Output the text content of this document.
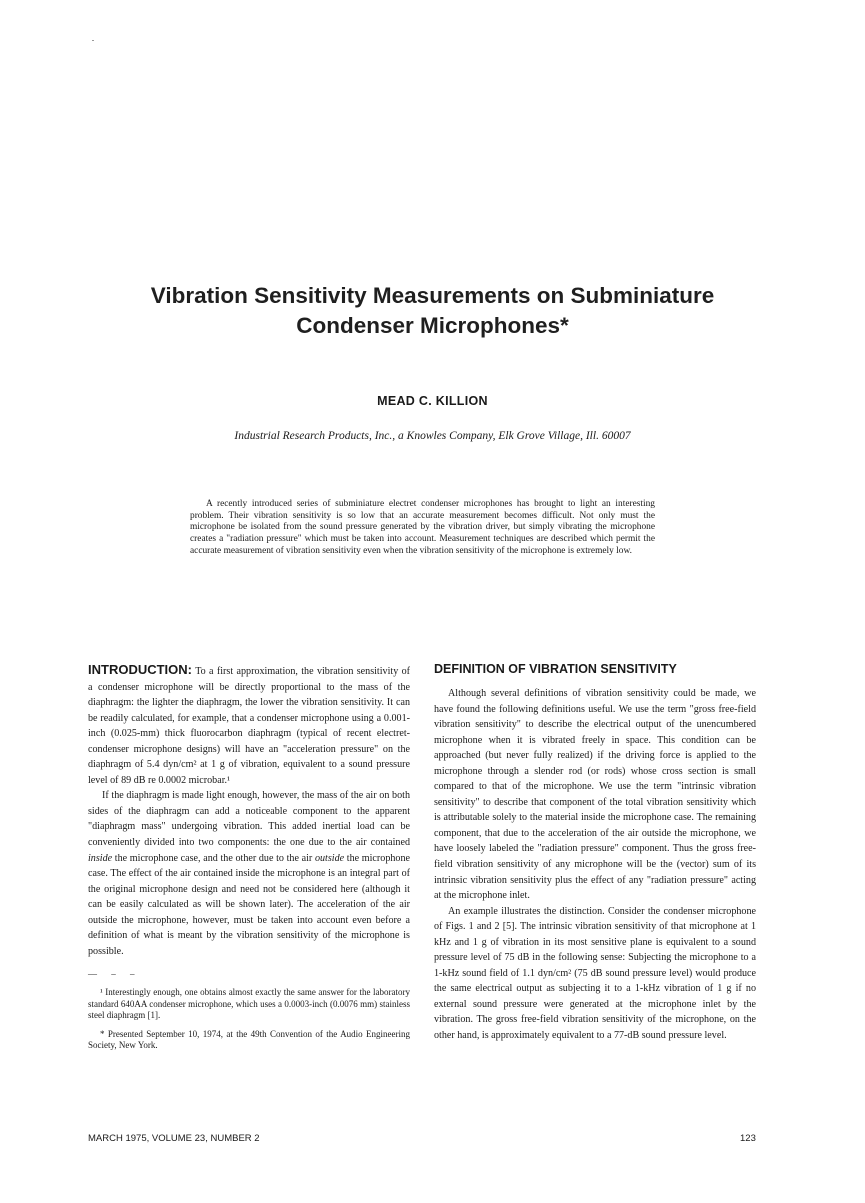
Vibration Sensitivity Measurements on Subminiature
Condenser Microphones*
MEAD C. KILLION
Industrial Research Products, Inc., a Knowles Company, Elk Grove Village, Ill. 60007

A recently introduced series of subminiature electret condenser microphones has brought to light an interesting problem. Their vibration sensitivity is so low that an accurate measurement becomes difficult. Not only must the microphone be isolated from the sound pressure generated by the vibration driver, but simply vibrating the microphone creates a "radiation pressure" which must be taken into account. Measurement techniques are described which permit the accurate measurement of vibration sensitivity even when the vibration sensitivity of the microphone is extremely low.

INTRODUCTION: To a first approximation, the vibration sensitivity of a condenser microphone will be directly proportional to the mass of the diaphragm: the lighter the diaphragm, the lower the vibration sensitivity. It can be readily calculated, for example, that a condenser microphone using a 0.001-inch (0.025-mm) thick fluorocarbon diaphragm (typical of recent electret-condenser microphone designs) will have an "acceleration pressure" on the diaphragm of 5.4 dyn/cm² at 1 g of vibration, equivalent to a sound pressure level of 89 dB re 0.0002 microbar.¹

If the diaphragm is made light enough, however, the mass of the air on both sides of the diaphragm can add a noticeable component to the apparent "diaphragm mass" undergoing vibration. This added inertial load can be conveniently divided into two components: the one due to the air contained inside the microphone case, and the other due to the air outside the microphone case. The effect of the air contained inside the microphone is an integral part of the original microphone design and need not be considered here (although it can be easily calculated as will be shown later). The acceleration of the air outside the microphone, however, must be taken into account even before a definition of what is meant by the vibration sensitivity of the microphone is possible.

— – –

¹ Interestingly enough, one obtains almost exactly the same answer for the laboratory standard 640AA condenser microphone, which uses a 0.0003-inch (0.0076 mm) stainless steel diaphragm [1].

* Presented September 10, 1974, at the 49th Convention of the Audio Engineering Society, New York.

DEFINITION OF VIBRATION SENSITIVITY

Although several definitions of vibration sensitivity could be made, we have found the following definitions useful. We use the term "gross free-field vibration sensitivity" to describe the electrical output of the unencumbered microphone when it is vibrated freely in space. This condition can be approached (but never fully realized) if the driving force is applied to the microphone through a slender rod (or rods) whose cross section is small compared to that of the microphone. We use the term "intrinsic vibration sensitivity" to describe that component of the total vibration sensitivity which is attributable solely to the material inside the microphone case. The remaining component, that due to the acceleration of the air outside the microphone, we have loosely labeled the "radiation pressure" component. Thus the gross free-field vibration sensitivity of any microphone will be the (vector) sum of its intrinsic vibration sensitivity plus the effect of any "radiation pressure" acting at the microphone inlet.

An example illustrates the distinction. Consider the condenser microphone of Figs. 1 and 2 [5]. The intrinsic vibration sensitivity of that microphone at 1 kHz and 1 g of vibration in its most sensitive plane is equivalent to a sound pressure level of 75 dB in the following sense: Subjecting the microphone to a 1-kHz sound field of 1.1 dyn/cm² (75 dB sound pressure level) would produce the same electrical output as subjecting it to a 1-kHz vibration of 1 g if no external sound pressure were generated at the microphone inlet by the vibration. The gross free-field vibration sensitivity of the microphone, on the other hand, is approximately equivalent to a 77-dB sound pressure level.

MARCH 1975, VOLUME 23, NUMBER 2	123
